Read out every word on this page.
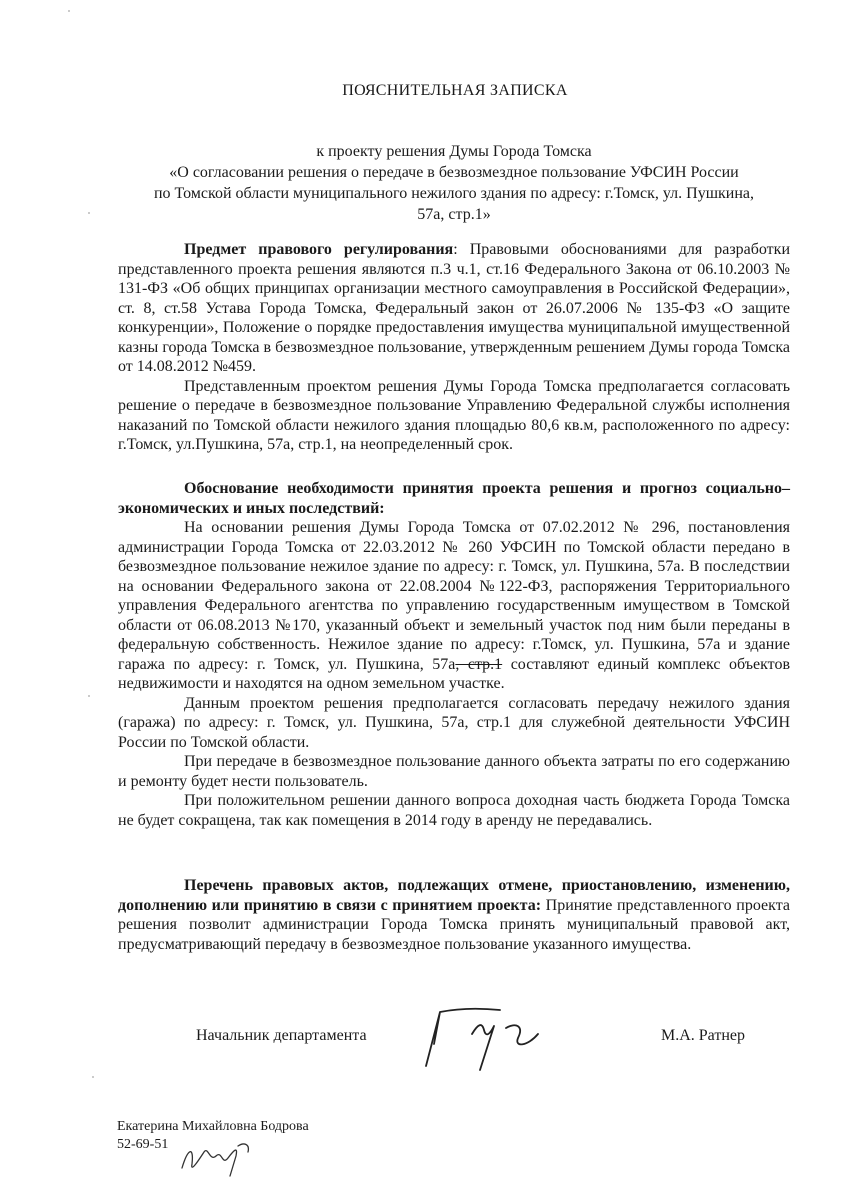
ПОЯСНИТЕЛЬНАЯ ЗАПИСКА
к проекту решения Думы Города Томска
«О согласовании решения о передаче в безвозмездное пользование УФСИН России
по Томской области муниципального нежилого здания по адресу: г.Томск, ул. Пушкина,
57а, стр.1»

Предмет правового регулирования: Правовыми обоснованиями для разработки представленного проекта решения являются п.3 ч.1, ст.16 Федерального Закона от 06.10.2003 № 131-ФЗ «Об общих принципах организации местного самоуправления в Российской Федерации», ст. 8, ст.58 Устава Города Томска, Федеральный закон от 26.07.2006 № 135-ФЗ «О защите конкуренции», Положение о порядке предоставления имущества муниципальной имущественной казны города Томска в безвозмездное пользование, утвержденным решением Думы города Томска от 14.08.2012 №459.

Представленным проектом решения Думы Города Томска предполагается согласовать решение о передаче в безвозмездное пользование Управлению Федеральной службы исполнения наказаний по Томской области нежилого здания площадью 80,6 кв.м, расположенного по адресу: г.Томск, ул.Пушкина, 57а, стр.1, на неопределенный срок.

Обоснование необходимости принятия проекта решения и прогноз социально–экономических и иных последствий:

На основании решения Думы Города Томска от 07.02.2012 № 296, постановления администрации Города Томска от 22.03.2012 № 260 УФСИН по Томской области передано в безвозмездное пользование нежилое здание по адресу: г. Томск, ул. Пушкина, 57а. В последствии на основании Федерального закона от 22.08.2004 №122-ФЗ, распоряжения Территориального управления Федерального агентства по управлению государственным имуществом в Томской области от 06.08.2013 №170, указанный объект и земельный участок под ним были переданы в федеральную собственность. Нежилое здание по адресу: г.Томск, ул. Пушкина, 57а и здание гаража по адресу: г. Томск, ул. Пушкина, 57а, стр.1 составляют единый комплекс объектов недвижимости и находятся на одном земельном участке.

Данным проектом решения предполагается согласовать передачу нежилого здания (гаража) по адресу: г. Томск, ул. Пушкина, 57а, стр.1 для служебной деятельности УФСИН России по Томской области.

При передаче в безвозмездное пользование данного объекта затраты по его содержанию и ремонту будет нести пользователь.

При положительном решении данного вопроса доходная часть бюджета Города Томска не будет сокращена, так как помещения в 2014 году в аренду не передавались.

Перечень правовых актов, подлежащих отмене, приостановлению, изменению, дополнению или принятию в связи с принятием проекта: Принятие представленного проекта решения позволит администрации Города Томска принять муниципальный правовой акт, предусматривающий передачу в безвозмездное пользование указанного имущества.

Начальник департамента	М.А. Ратнер
Екатерина Михайловна Бодрова
52-69-51
